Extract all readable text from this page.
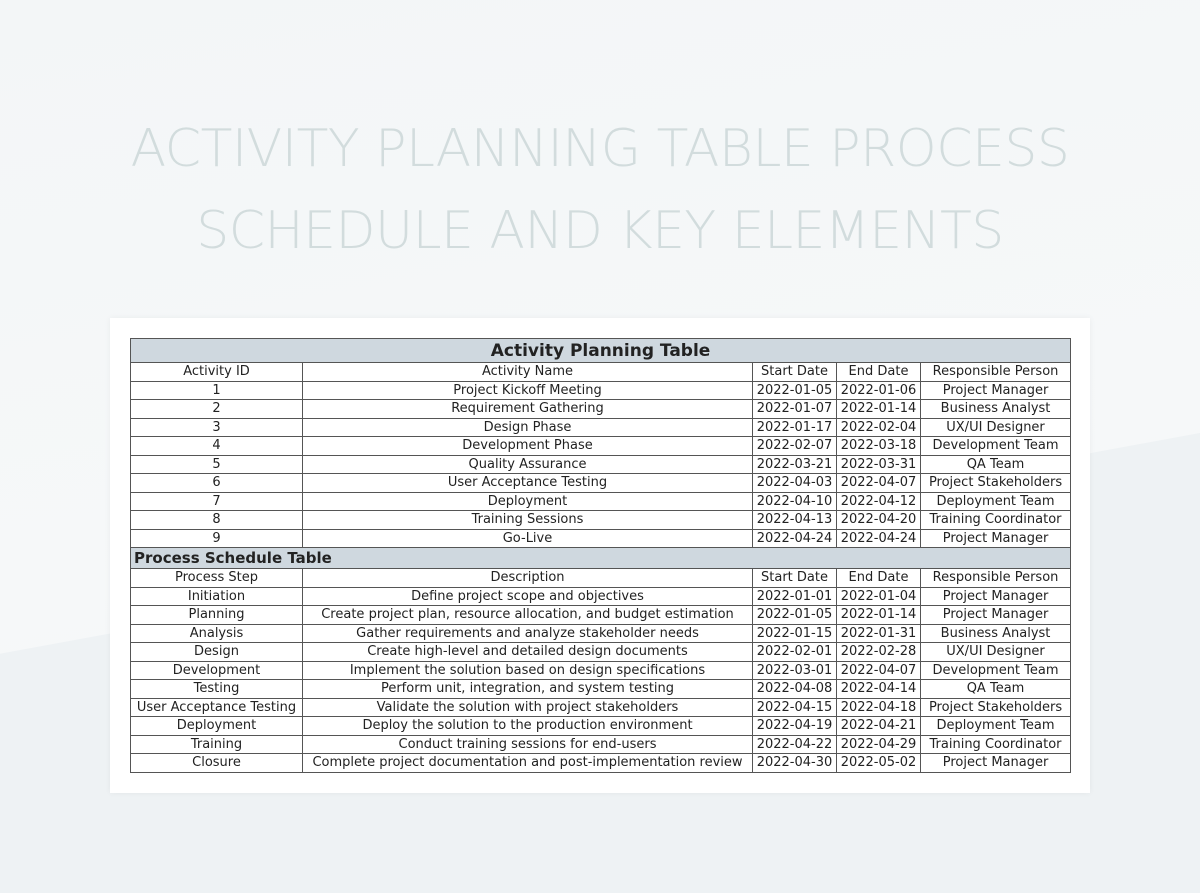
ACTIVITY PLANNING TABLE PROCESS
SCHEDULE AND KEY ELEMENTS
Activity Planning Table				
Activity ID	Activity Name	Start Date	End Date	Responsible Person
1	Project Kickoff Meeting	2022-01-05	2022-01-06	Project Manager
2	Requirement Gathering	2022-01-07	2022-01-14	Business Analyst
3	Design Phase	2022-01-17	2022-02-04	UX/UI Designer
4	Development Phase	2022-02-07	2022-03-18	Development Team
5	Quality Assurance	2022-03-21	2022-03-31	QA Team
6	User Acceptance Testing	2022-04-03	2022-04-07	Project Stakeholders
7	Deployment	2022-04-10	2022-04-12	Deployment Team
8	Training Sessions	2022-04-13	2022-04-20	Training Coordinator
9	Go-Live	2022-04-24	2022-04-24	Project Manager
Process Schedule Table				
Process Step	Description	Start Date	End Date	Responsible Person
Initiation	Define project scope and objectives	2022-01-01	2022-01-04	Project Manager
Planning	Create project plan, resource allocation, and budget estimation	2022-01-05	2022-01-14	Project Manager
Analysis	Gather requirements and analyze stakeholder needs	2022-01-15	2022-01-31	Business Analyst
Design	Create high-level and detailed design documents	2022-02-01	2022-02-28	UX/UI Designer
Development	Implement the solution based on design specifications	2022-03-01	2022-04-07	Development Team
Testing	Perform unit, integration, and system testing	2022-04-08	2022-04-14	QA Team
User Acceptance Testing	Validate the solution with project stakeholders	2022-04-15	2022-04-18	Project Stakeholders
Deployment	Deploy the solution to the production environment	2022-04-19	2022-04-21	Deployment Team
Training	Conduct training sessions for end-users	2022-04-22	2022-04-29	Training Coordinator
Closure	Complete project documentation and post-implementation review	2022-04-30	2022-05-02	Project Manager
